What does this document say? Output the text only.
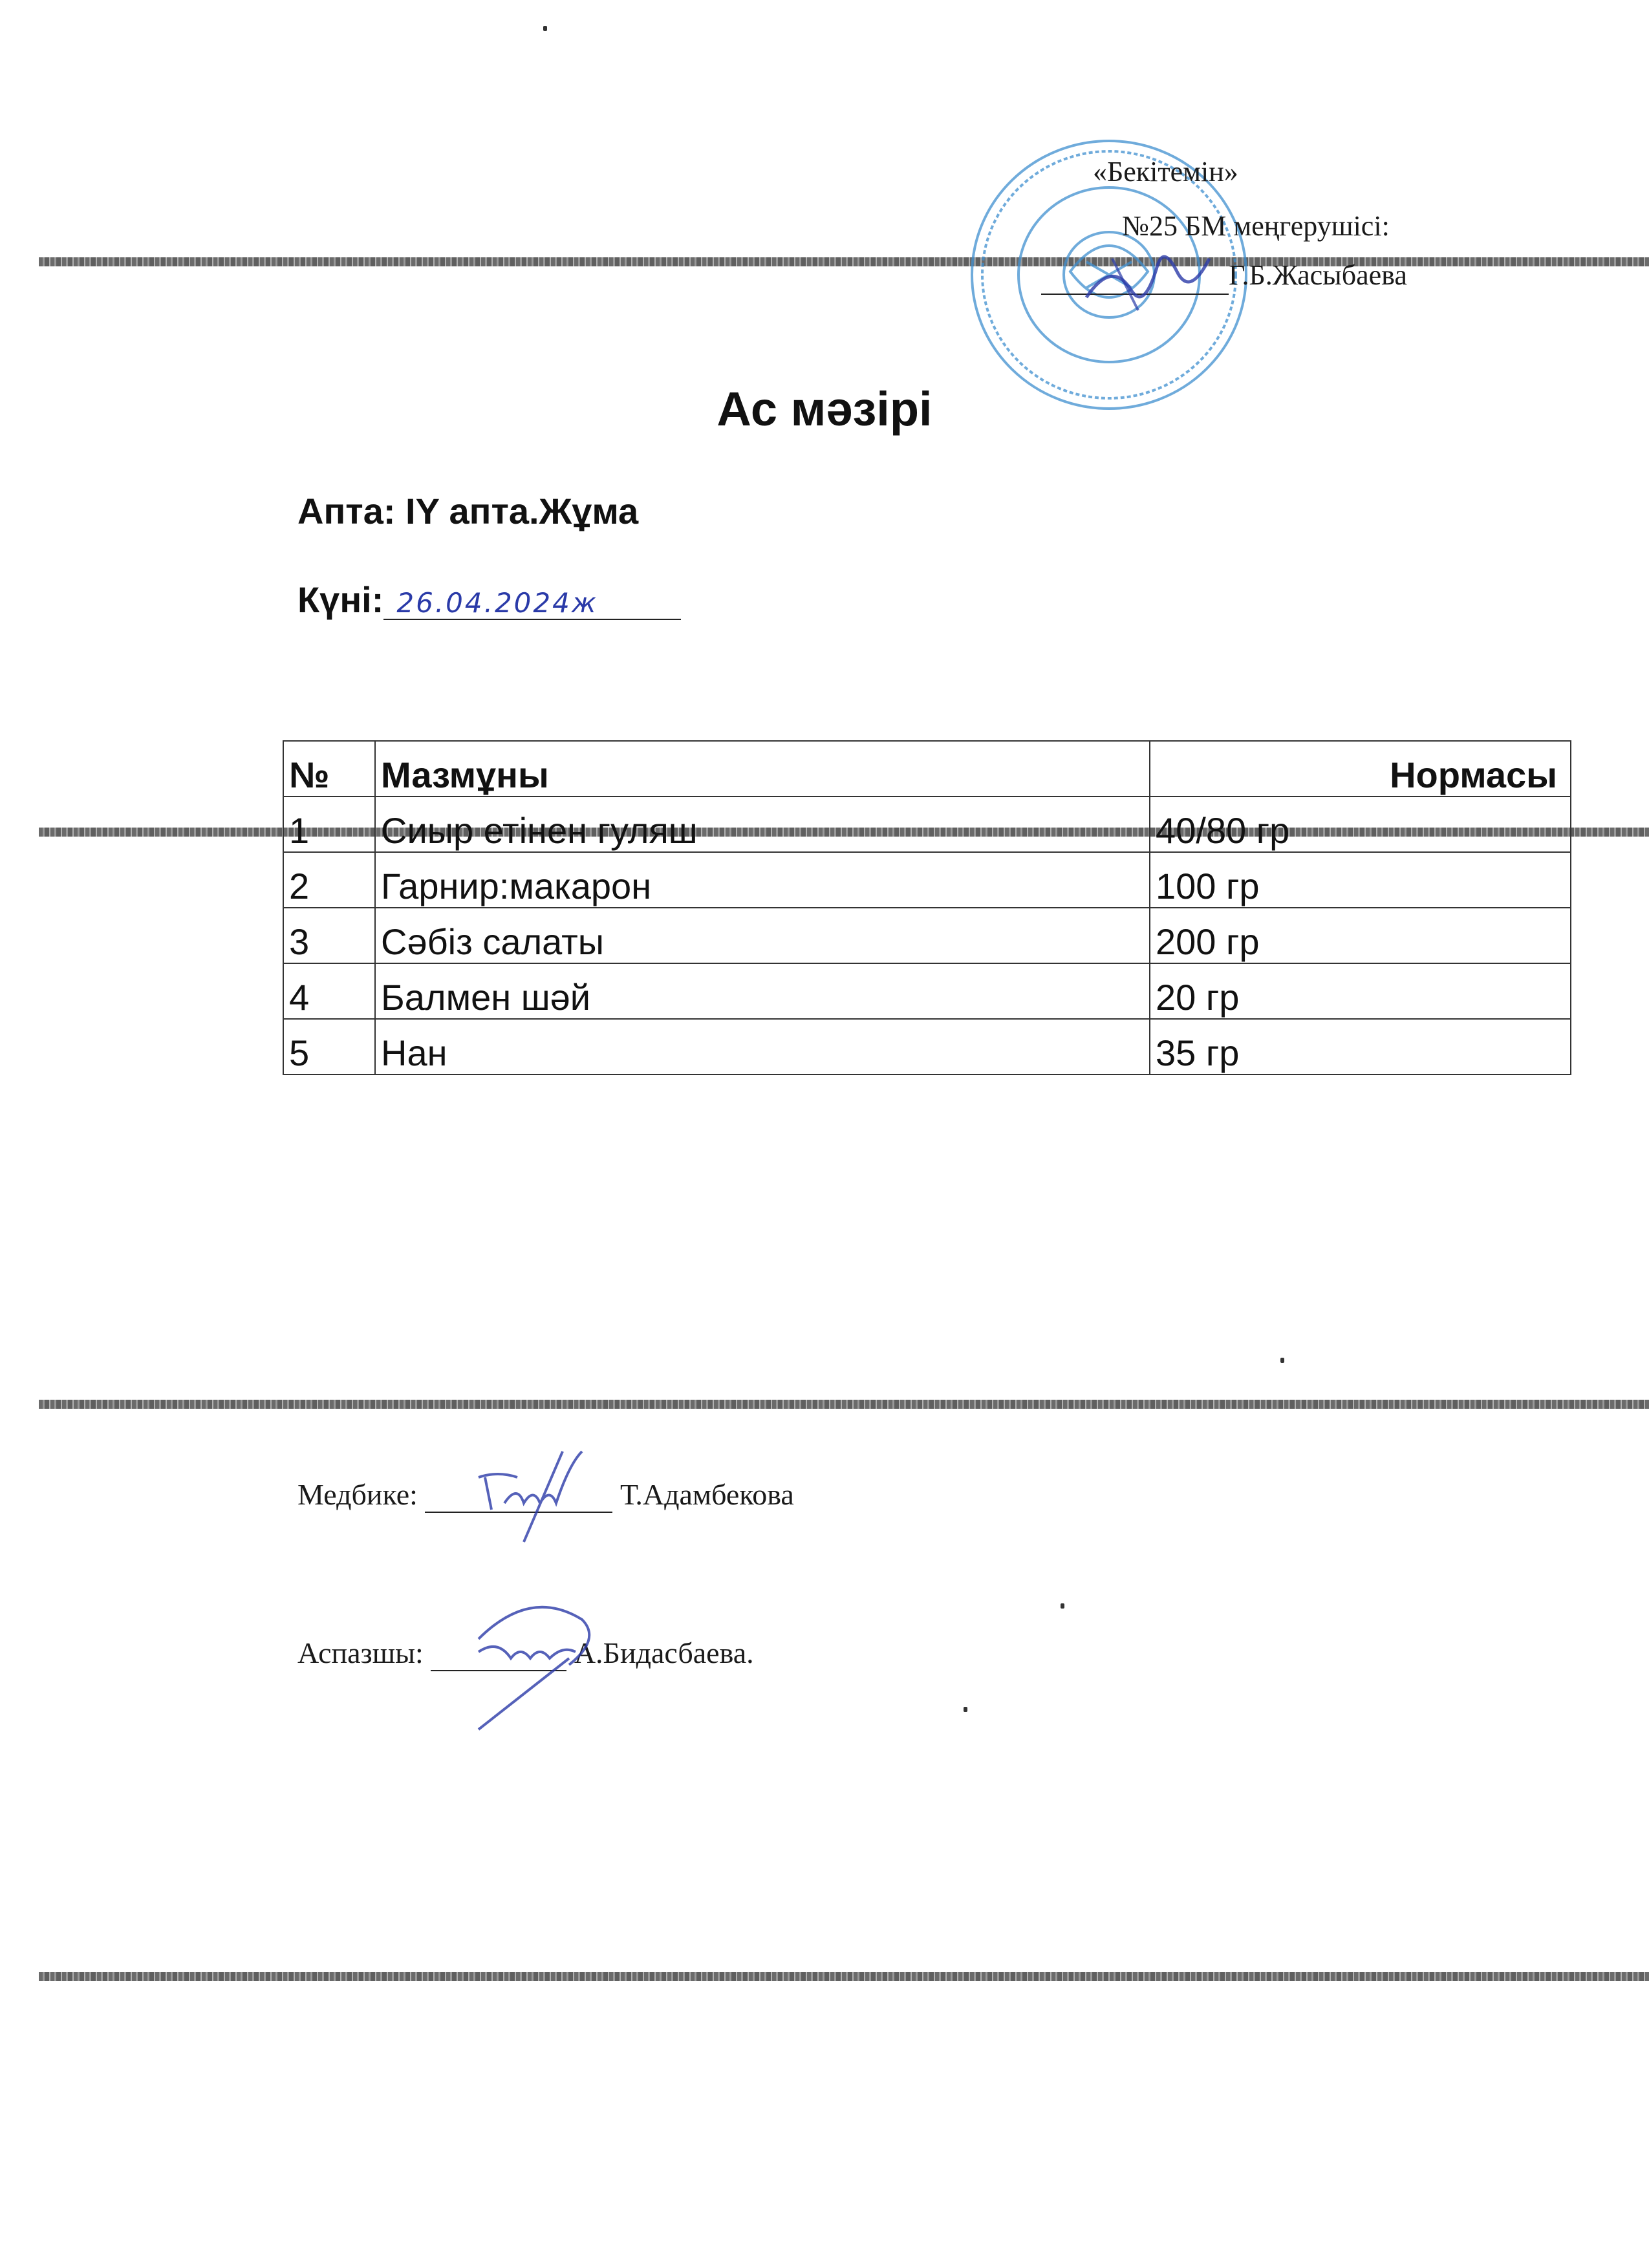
«Бекітемін»
№25 БМ меңгерушісі:
Г.Б.Жасыбаева
Ас мәзірі
Апта: IY апта.Жұма
Күні: 26.04.2024ж
№	Мазмұны	Нормасы
1	Сиыр етінен гуляш	40/80 гр
2	Гарнир:макарон	100 гр
3	Сәбіз салаты	200 гр
4	Балмен шәй	20 гр
5	Нан	35 гр
Медбике:	Т.Адамбекова
Аспазшы:	А.Бидасбаева.
